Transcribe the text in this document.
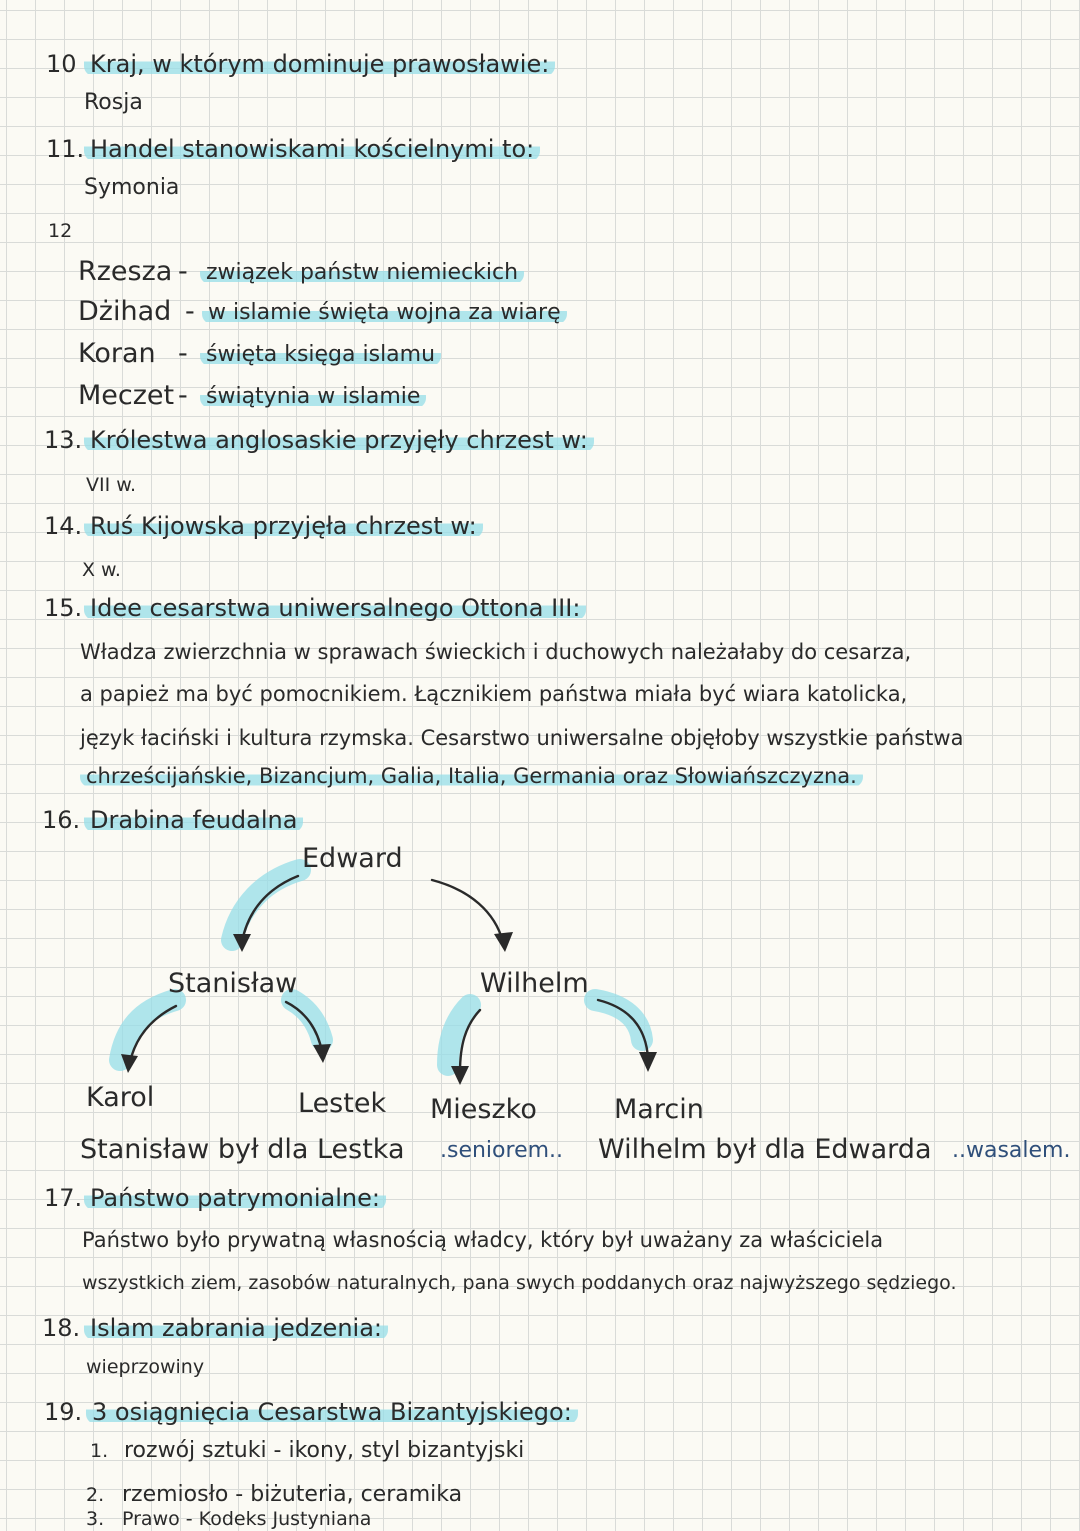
10 Kraj, w którym dominuje prawosławie:
Rosja
11. Handel stanowiskami kościelnymi to:
Symonia
12
Rzesza - związek państw niemieckich
Dżihad - w islamie święta wojna za wiarę
Koran - święta księga islamu
Meczet - świątynia w islamie
13. Królestwa anglosaskie przyjęły chrzest w:
VII w.
14. Ruś Kijowska przyjęła chrzest w:
X w.
15. Idee cesarstwa uniwersalnego Ottona III:
Władza zwierzchnia w sprawach świeckich i duchowych należałaby do cesarza,
a papież ma być pomocnikiem. Łącznikiem państwa miała być wiara katolicka,
język łaciński i kultura rzymska. Cesarstwo uniwersalne objęłoby wszystkie państwa
chrześcijańskie, Bizancjum, Galia, Italia, Germania oraz Słowiańszczyzna.
16. Drabina feudalna
Edward
Stanisław	Wilhelm
Karol	Lestek Mieszko	Marcin
Stanisław był dla Lestka .seniorem.. Wilhelm był dla Edwarda ..wasalem.
17. Państwo patrymonialne:
Państwo było prywatną własnością władcy, który był uważany za właściciela
wszystkich ziem, zasobów naturalnych, pana swych poddanych oraz najwyższego sędziego.
18. Islam zabrania jedzenia:
wieprzowiny
19. 3 osiągnięcia Cesarstwa Bizantyjskiego:
1. rozwój sztuki - ikony, styl bizantyjski
2. rzemiosło - biżuteria, ceramika
3. Prawo - Kodeks Justyniana
